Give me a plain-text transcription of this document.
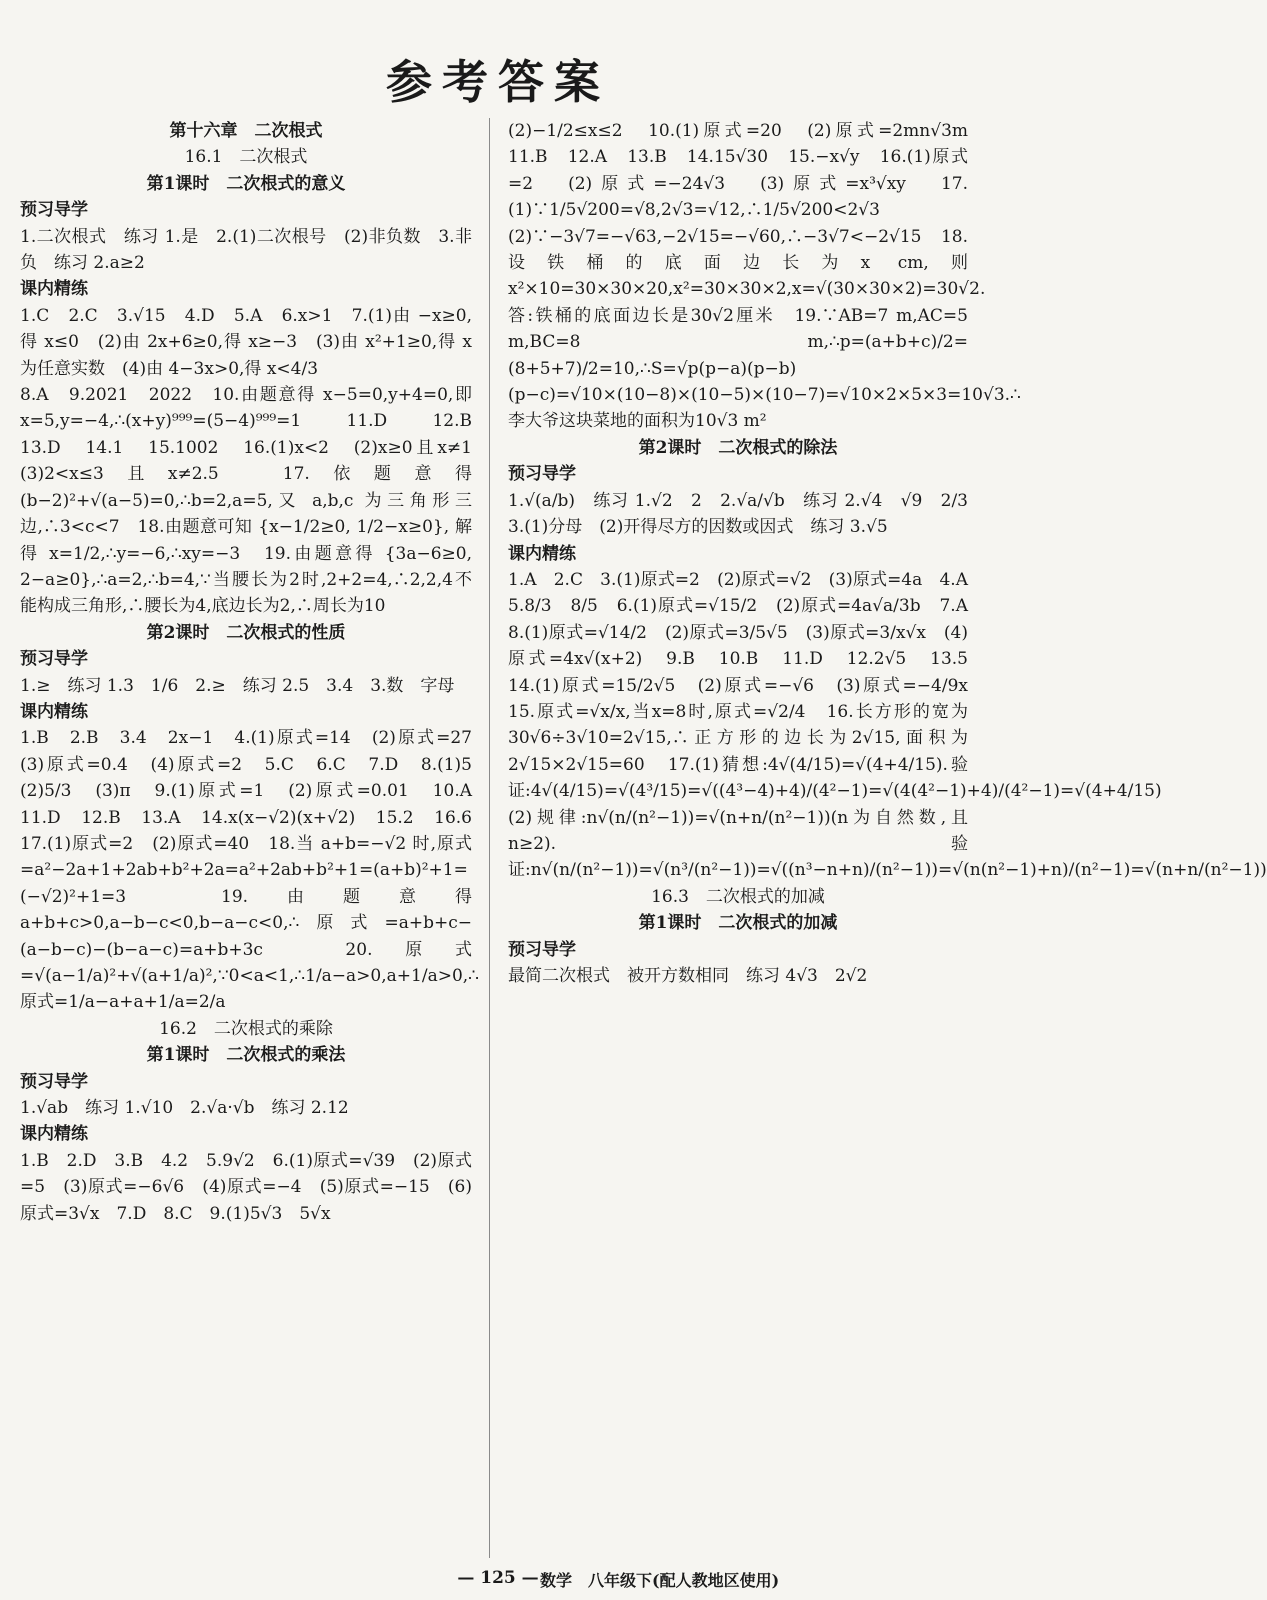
参考答案
第十六章　二次根式
16.1　二次根式
第1课时　二次根式的意义
预习导学
1.二次根式　练习 1.是　2.(1)二次根号　(2)非负数　3.非负　练习 2.a≥2
课内精练
1.C　2.C　3.√15　4.D　5.A　6.x>1　7.(1)由 −x≥0,得 x≤0　(2)由 2x+6≥0,得 x≥−3　(3)由 x²+1≥0,得 x 为任意实数　(4)由 4−3x>0,得 x<4/3
8.A　9.2021　2022　10.由题意得 x−5=0,y+4=0,即x=5,y=−4,∴(x+y)⁹⁹⁹=(5−4)⁹⁹⁹=1　11.D　12.B　13.D　14.1　15.1002　16.(1)x<2　(2)x≥0且x≠1　(3)2<x≤3且x≠2.5　17.依题意得(b−2)²+√(a−5)=0,∴b=2,a=5,又 a,b,c 为三角形三边,∴3<c<7　18.由题意可知 {x−1/2≥0, 1/2−x≥0}, 解得 x=1/2,∴y=−6,∴xy=−3　19.由题意得 {3a−6≥0, 2−a≥0},∴a=2,∴b=4,∵当腰长为2时,2+2=4,∴2,2,4不能构成三角形,∴腰长为4,底边长为2,∴周长为10
第2课时　二次根式的性质
预习导学
1.≥　练习 1.3　1/6　2.≥　练习 2.5　3.4　3.数　字母
课内精练
1.B　2.B　3.4　2x−1　4.(1)原式=14　(2)原式=27　(3)原式=0.4　(4)原式=2　5.C　6.C　7.D　8.(1)5　(2)5/3　(3)π　9.(1)原式=1　(2)原式=0.01　10.A　11.D　12.B　13.A　14.x(x−√2)(x+√2)　15.2　16.6　17.(1)原式=2　(2)原式=40　18.当 a+b=−√2 时,原式=a²−2a+1+2ab+b²+2a=a²+2ab+b²+1=(a+b)²+1=(−√2)²+1=3　19.由题意得 a+b+c>0,a−b−c<0,b−a−c<0,∴原式=a+b+c−(a−b−c)−(b−a−c)=a+b+3c　20.原式=√(a−1/a)²+√(a+1/a)²,∵0<a<1,∴1/a−a>0,a+1/a>0,∴原式=1/a−a+a+1/a=2/a
16.2　二次根式的乘除
第1课时　二次根式的乘法
预习导学
1.√ab　练习 1.√10　2.√a·√b　练习 2.12
课内精练
1.B　2.D　3.B　4.2　5.9√2　6.(1)原式=√39　(2)原式=5　(3)原式=−6√6　(4)原式=−4　(5)原式=−15　(6)原式=3√x　7.D　8.C　9.(1)5√3　5√x
(2)−1/2≤x≤2　10.(1)原式=20　(2)原式=2mn√3m　11.B　12.A　13.B　14.15√30　15.−x√y　16.(1)原式=2　(2)原式=−24√3　(3)原式=x³√xy　17.(1)∵1/5√200=√8,2√3=√12,∴1/5√200<2√3　(2)∵−3√7=−√63,−2√15=−√60,∴−3√7<−2√15　18.设铁桶的底面边长为x cm,则 x²×10=30×30×20,x²=30×30×2,x=√(30×30×2)=30√2.答:铁桶的底面边长是30√2厘米　19.∵AB=7 m,AC=5 m,BC=8 m,∴p=(a+b+c)/2=(8+5+7)/2=10,∴S=√p(p−a)(p−b)(p−c)=√10×(10−8)×(10−5)×(10−7)=√10×2×5×3=10√3.∴李大爷这块菜地的面积为10√3 m²
第2课时　二次根式的除法
预习导学
1.√(a/b)　练习 1.√2　2　2.√a/√b　练习 2.√4　√9　2/3　3.(1)分母　(2)开得尽方的因数或因式　练习 3.√5
课内精练
1.A　2.C　3.(1)原式=2　(2)原式=√2　(3)原式=4a　4.A　5.8/3　8/5　6.(1)原式=√15/2　(2)原式=4a√a/3b　7.A　8.(1)原式=√14/2　(2)原式=3/5√5　(3)原式=3/x√x　(4)原式=4x√(x+2)　9.B　10.B　11.D　12.2√5　13.5　14.(1)原式=15/2√5　(2)原式=−√6　(3)原式=−4/9x　15.原式=√x/x,当x=8时,原式=√2/4　16.长方形的宽为30√6÷3√10=2√15,∴正方形的边长为2√15,面积为2√15×2√15=60　17.(1)猜想:4√(4/15)=√(4+4/15).验证:4√(4/15)=√(4³/15)=√((4³−4)+4)/(4²−1)=√(4(4²−1)+4)/(4²−1)=√(4+4/15)　(2)规律:n√(n/(n²−1))=√(n+n/(n²−1))(n为自然数,且n≥2).验证:n√(n/(n²−1))=√(n³/(n²−1))=√((n³−n+n)/(n²−1))=√(n(n²−1)+n)/(n²−1)=√(n+n/(n²−1))
16.3　二次根式的加减
第1课时　二次根式的加减
预习导学
最简二次根式　被开方数相同　练习 4√3　2√2
— 125 — 数学　八年级下(配人教地区使用)
